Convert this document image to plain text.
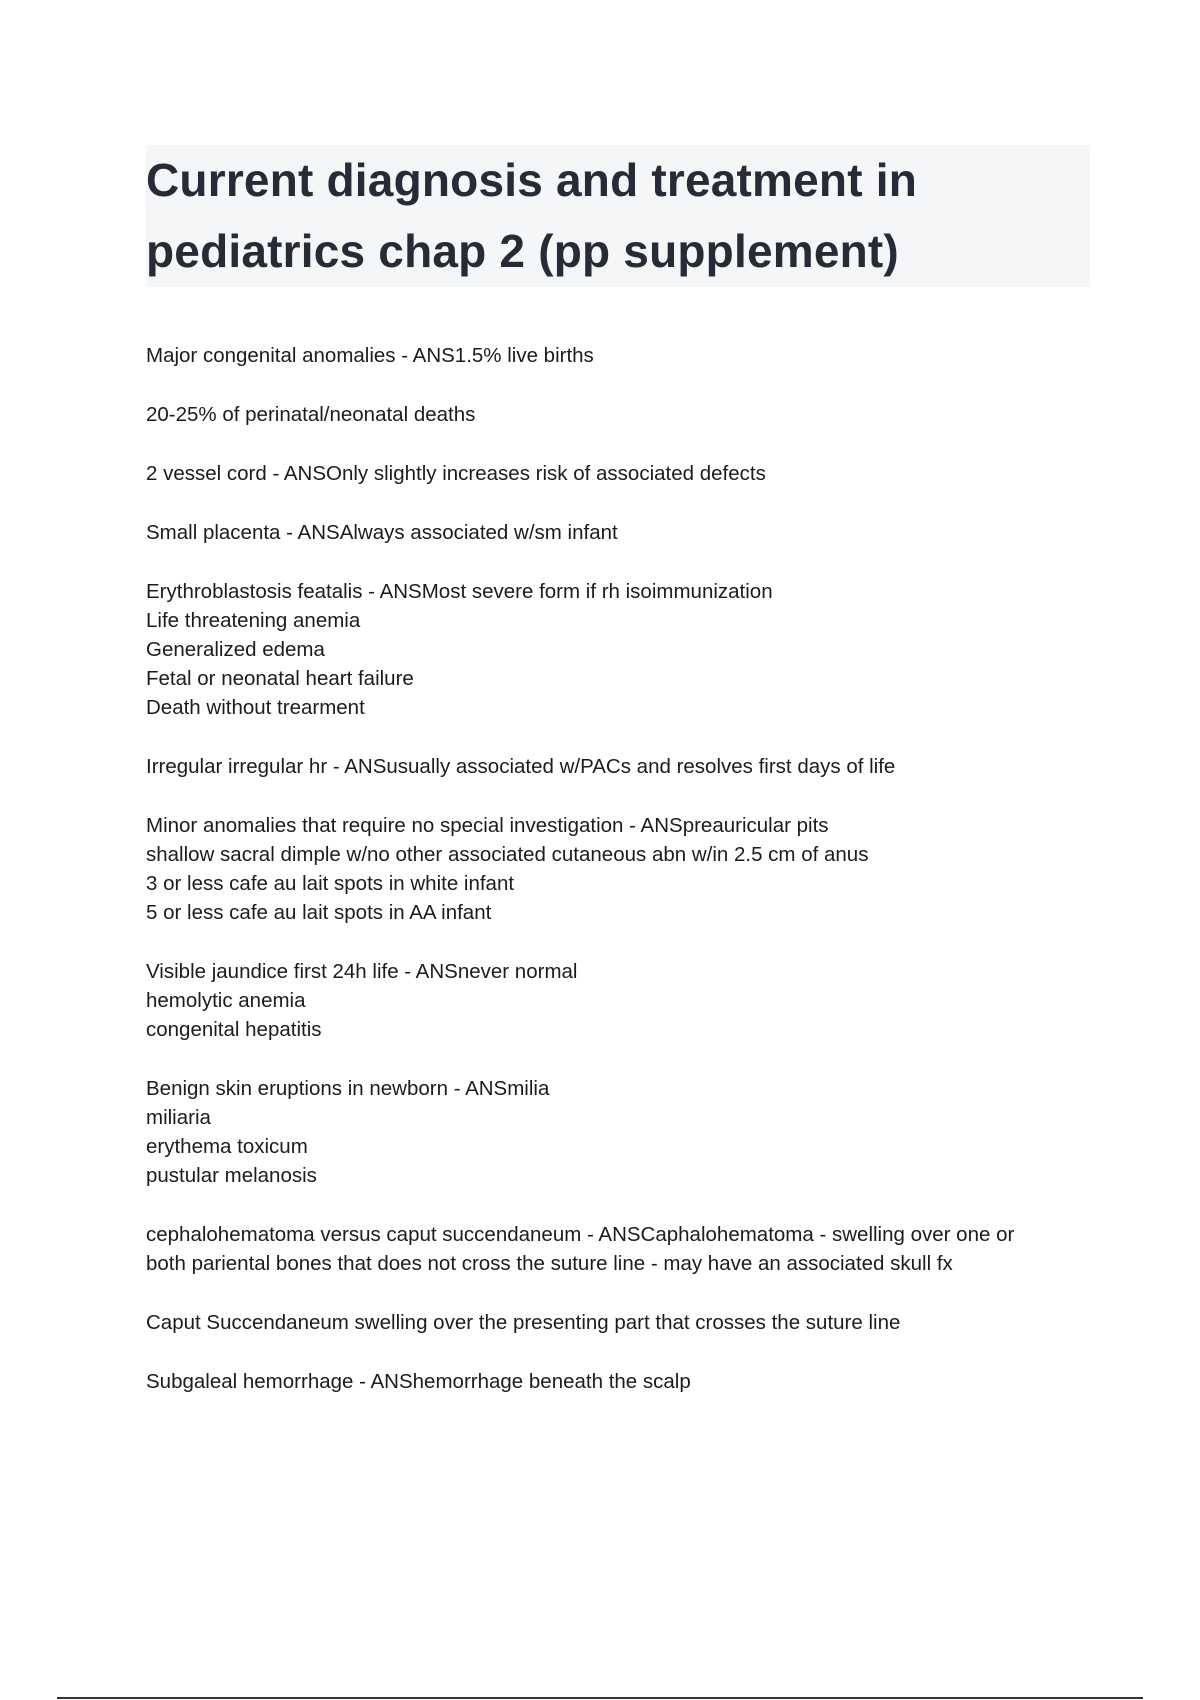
Current diagnosis and treatment in
pediatrics chap 2 (pp supplement)

Major congenital anomalies - ANS1.5% live births

20-25% of perinatal/neonatal deaths

2 vessel cord - ANSOnly slightly increases risk of associated defects

Small placenta - ANSAlways associated w/sm infant

Erythroblastosis featalis - ANSMost severe form if rh isoimmunization
Life threatening anemia
Generalized edema
Fetal or neonatal heart failure
Death without trearment

Irregular irregular hr - ANSusually associated w/PACs and resolves first days of life

Minor anomalies that require no special investigation - ANSpreauricular pits
shallow sacral dimple w/no other associated cutaneous abn w/in 2.5 cm of anus
3 or less cafe au lait spots in white infant
5 or less cafe au lait spots in AA infant

Visible jaundice first 24h life - ANSnever normal
hemolytic anemia
congenital hepatitis

Benign skin eruptions in newborn - ANSmilia
miliaria
erythema toxicum
pustular melanosis

cephalohematoma versus caput succendaneum - ANSCaphalohematoma - swelling over one or
both pariental bones that does not cross the suture line - may have an associated skull fx

Caput Succendaneum swelling over the presenting part that crosses the suture line

Subgaleal hemorrhage - ANShemorrhage beneath the scalp
